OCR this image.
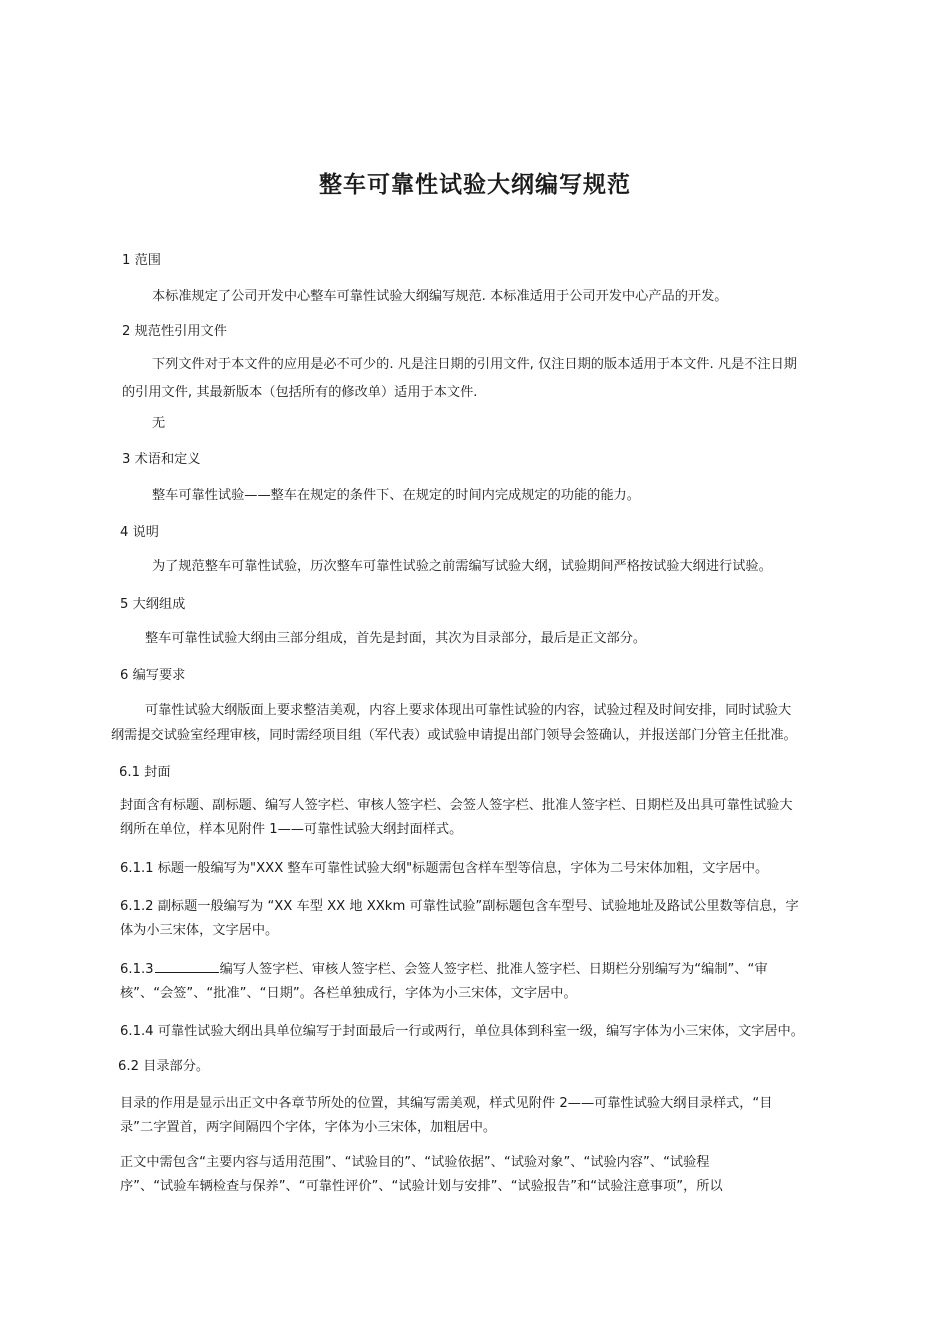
整车可靠性试验大纲编写规范

1 范围

本标准规定了公司开发中心整车可靠性试验大纲编写规范. 本标准适用于公司开发中心产品的开发。

2 规范性引用文件

下列文件对于本文件的应用是必不可少的. 凡是注日期的引用文件, 仅注日期的版本适用于本文件. 凡是不注日期

的引用文件, 其最新版本（包括所有的修改单）适用于本文件.

无

3 术语和定义

整车可靠性试验——整车在规定的条件下、在规定的时间内完成规定的功能的能力。

4 说明

为了规范整车可靠性试验，历次整车可靠性试验之前需编写试验大纲，试验期间严格按试验大纲进行试验。

5 大纲组成

整车可靠性试验大纲由三部分组成，首先是封面，其次为目录部分，最后是正文部分。

6 编写要求

可靠性试验大纲版面上要求整洁美观，内容上要求体现出可靠性试验的内容，试验过程及时间安排，同时试验大

纲需提交试验室经理审核，同时需经项目组（军代表）或试验申请提出部门领导会签确认，并报送部门分管主任批准。

6.1 封面

封面含有标题、副标题、编写人签字栏、审核人签字栏、会签人签字栏、批准人签字栏、日期栏及出具可靠性试验大

纲所在单位，样本见附件 1——可靠性试验大纲封面样式。

6.1.1 标题一般编写为"XXX 整车可靠性试验大纲"标题需包含样车型等信息，字体为二号宋体加粗，文字居中。

6.1.2 副标题一般编写为 “XX 车型 XX 地 XXkm 可靠性试验”副标题包含车型号、试验地址及路试公里数等信息，字

体为小三宋体，文字居中。

6.1.3	编写人签字栏、审核人签字栏、会签人签字栏、批准人签字栏、日期栏分别编写为“编制”、“审

核”、“会签”、“批准”、“日期”。各栏单独成行，字体为小三宋体，文字居中。

6.1.4 可靠性试验大纲出具单位编写于封面最后一行或两行，单位具体到科室一级，编写字体为小三宋体，文字居中。

6.2 目录部分。

目录的作用是显示出正文中各章节所处的位置，其编写需美观，样式见附件 2——可靠性试验大纲目录样式，“目

录”二字置首，两字间隔四个字体，字体为小三宋体，加粗居中。

正文中需包含“主要内容与适用范围”、“试验目的”、“试验依据”、“试验对象”、“试验内容”、“试验程

序”、“试验车辆检查与保养”、“可靠性评价”、“试验计划与安排”、“试验报告”和“试验注意事项”，所以
